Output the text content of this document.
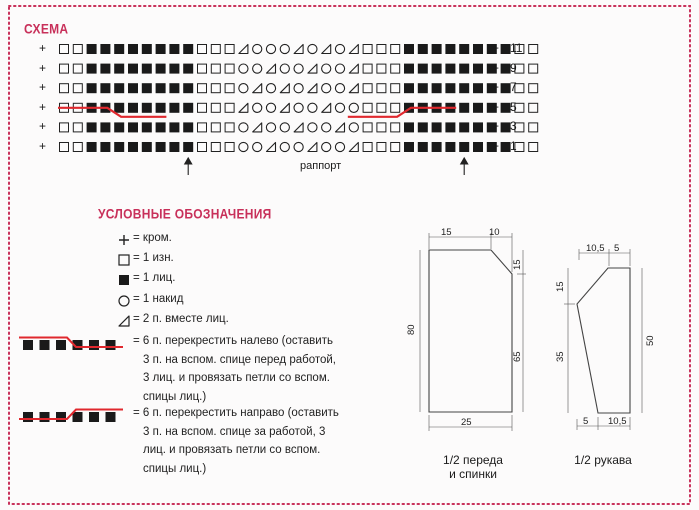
СХЕМА
+	+ 11
+	+ 9
+	+ 7
+	+ 5
+	+ 3
+	+ 1
раппорт
УСЛОВНЫЕ ОБОЗНАЧЕНИЯ
= кром.
= 1 изн.
= 1 лиц.
= 1 накид
= 2 п. вместе лиц.
= 6 п. перекрестить налево (оставить
3 п. на вспом. спице перед работой,
3 лиц. и провязать петли со вспом.
спицы лиц.)
= 6 п. перекрестить направо (оставить
3 п. на вспом. спице за работой, 3
лиц. и провязать петли со вспом.
спицы лиц.)
15	10
80
15
65
25
10,5 5
15
35
50
5 10,5
1/2 переда
и спинки
1/2 рукава
